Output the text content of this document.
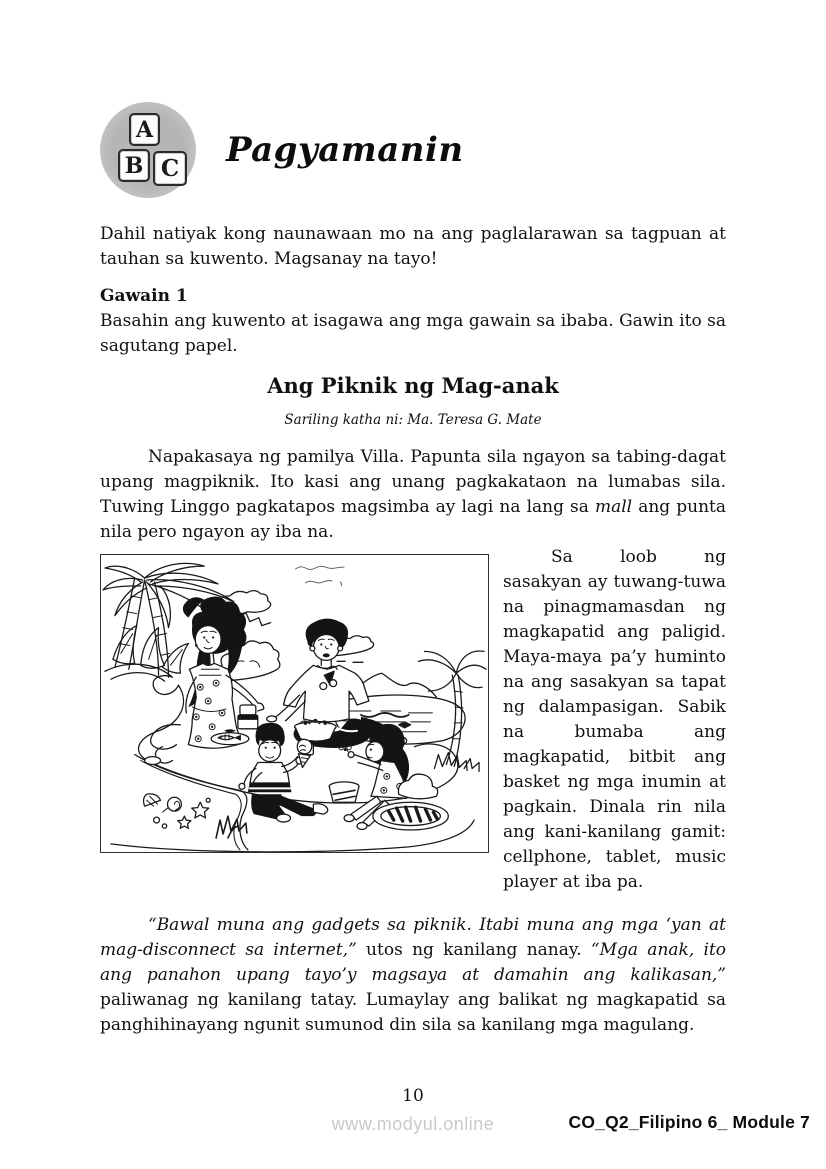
A
B C Pagyamanin

Dahil natiyak kong naunawaan mo na ang paglalarawan sa tagpuan at tauhan sa kuwento. Magsanay na tayo!

Gawain 1

Basahin ang kuwento at isagawa ang mga gawain sa ibaba. Gawin ito sa sagutang papel.

Ang Piknik ng Mag-anak

Sariling katha ni: Ma. Teresa G. Mate

Napakasaya ng pamilya Villa. Papunta sila ngayon sa tabing-dagat upang magpiknik. Ito kasi ang unang pagkakataon na lumabas sila. Tuwing Linggo pagkatapos magsimba ay lagi na lang sa mall ang punta nila pero ngayon ay iba na.

Sa loob ng sasakyan ay tuwang-tuwa na pinagmamasdan ng magkapatid ang paligid. Maya-maya pa’y huminto na ang sasakyan sa tapat ng dalampasigan. Sabik na bumaba ang magkapatid, bitbit ang basket ng mga inumin at pagkain. Dinala rin nila ang kani-kanilang gamit: cellphone, tablet, music player at iba pa.

“Bawal muna ang gadgets sa piknik. Itabi muna ang mga ‘yan at mag-disconnect sa internet,” utos ng kanilang nanay. “Mga anak, ito ang panahon upang tayo’y magsaya at damahin ang kalikasan,” paliwanag ng kanilang tatay. Lumaylay ang balikat ng magkapatid sa panghihinayang ngunit sumunod din sila sa kanilang mga magulang.

10
www.modyul.online	CO_Q2_Filipino 6_ Module 7
